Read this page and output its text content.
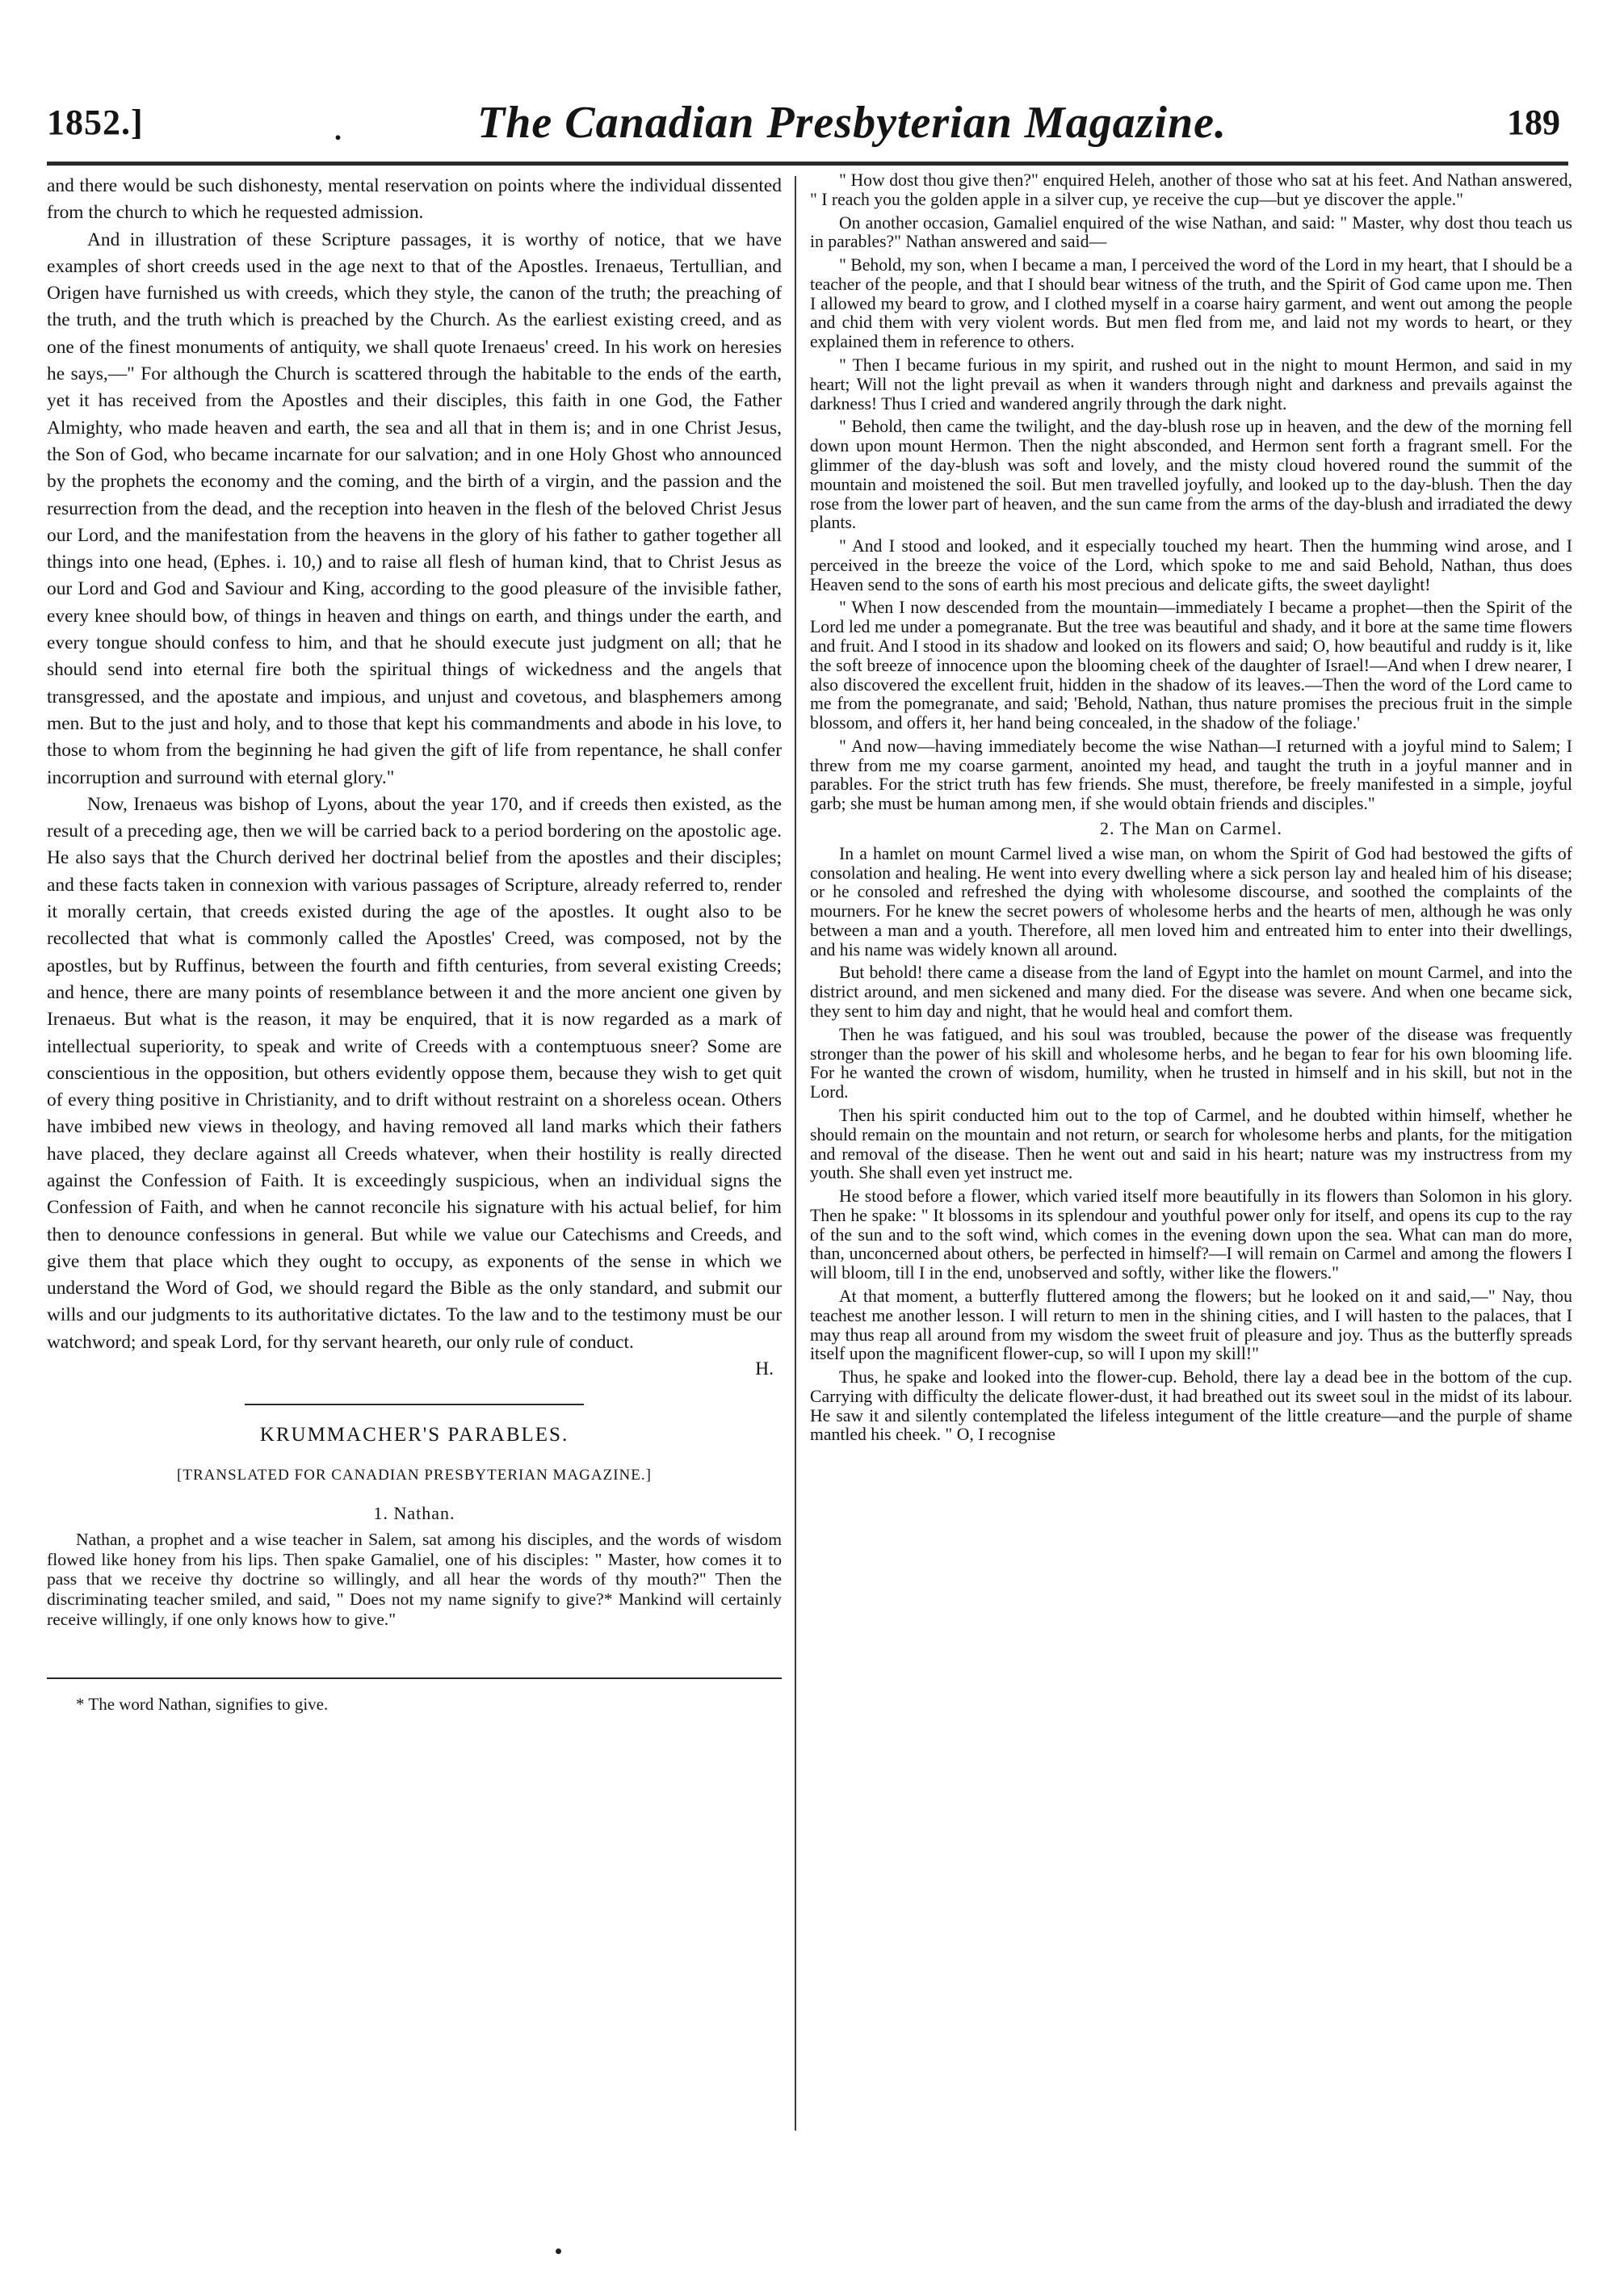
1852.]	.	The Canadian Presbyterian Magazine.	189

and there would be such dishonesty, mental reservation on points where the individual dissented from the church to which he requested admission.

And in illustration of these Scripture passages, it is worthy of notice, that we have examples of short creeds used in the age next to that of the Apostles. Irenaeus, Tertullian, and Origen have furnished us with creeds, which they style, the canon of the truth; the preaching of the truth, and the truth which is preached by the Church. As the earliest existing creed, and as one of the finest monuments of antiquity, we shall quote Irenaeus' creed. In his work on heresies he says,—" For although the Church is scattered through the habitable to the ends of the earth, yet it has received from the Apostles and their disciples, this faith in one God, the Father Almighty, who made heaven and earth, the sea and all that in them is; and in one Christ Jesus, the Son of God, who became incarnate for our salvation; and in one Holy Ghost who announced by the prophets the economy and the coming, and the birth of a virgin, and the passion and the resurrection from the dead, and the reception into heaven in the flesh of the beloved Christ Jesus our Lord, and the manifestation from the heavens in the glory of his father to gather together all things into one head, (Ephes. i. 10,) and to raise all flesh of human kind, that to Christ Jesus as our Lord and God and Saviour and King, according to the good pleasure of the invisible father, every knee should bow, of things in heaven and things on earth, and things under the earth, and every tongue should confess to him, and that he should execute just judgment on all; that he should send into eternal fire both the spiritual things of wickedness and the angels that transgressed, and the apostate and impious, and unjust and covetous, and blasphemers among men. But to the just and holy, and to those that kept his commandments and abode in his love, to those to whom from the beginning he had given the gift of life from repentance, he shall confer incorruption and surround with eternal glory."

Now, Irenaeus was bishop of Lyons, about the year 170, and if creeds then existed, as the result of a preceding age, then we will be carried back to a period bordering on the apostolic age. He also says that the Church derived her doctrinal belief from the apostles and their disciples; and these facts taken in connexion with various passages of Scripture, already referred to, render it morally certain, that creeds existed during the age of the apostles. It ought also to be recollected that what is commonly called the Apostles' Creed, was composed, not by the apostles, but by Ruffinus, between the fourth and fifth centuries, from several existing Creeds; and hence, there are many points of resemblance between it and the more ancient one given by Irenaeus. But what is the reason, it may be enquired, that it is now regarded as a mark of intellectual superiority, to speak and write of Creeds with a contemptuous sneer? Some are conscientious in the opposition, but others evidently oppose them, because they wish to get quit of every thing positive in Christianity, and to drift without restraint on a shoreless ocean. Others have imbibed new views in theology, and having removed all land marks which their fathers have placed, they declare against all Creeds whatever, when their hostility is really directed against the Confession of Faith. It is exceedingly suspicious, when an individual signs the Confession of Faith, and when he cannot reconcile his signature with his actual belief, for him then to denounce confessions in general. But while we value our Catechisms and Creeds, and give them that place which they ought to occupy, as exponents of the sense in which we understand the Word of God, we should regard the Bible as the only standard, and submit our wills and our judgments to its authoritative dictates. To the law and to the testimony must be our watchword; and speak Lord, for thy servant heareth, our only rule of conduct.

H.

KRUMMACHER'S PARABLES.
[TRANSLATED FOR CANADIAN PRESBYTERIAN MAGAZINE.]
1. Nathan.

Nathan, a prophet and a wise teacher in Salem, sat among his disciples, and the words of wisdom flowed like honey from his lips. Then spake Gamaliel, one of his disciples: " Master, how comes it to pass that we receive thy doctrine so willingly, and all hear the words of thy mouth?" Then the discriminating teacher smiled, and said, " Does not my name signify to give?* Mankind will certainly receive willingly, if one only knows how to give."

* The word Nathan, signifies to give.

" How dost thou give then?" enquired Heleh, another of those who sat at his feet. And Nathan answered, " I reach you the golden apple in a silver cup, ye receive the cup—but ye discover the apple."

On another occasion, Gamaliel enquired of the wise Nathan, and said: " Master, why dost thou teach us in parables?" Nathan answered and said—

" Behold, my son, when I became a man, I perceived the word of the Lord in my heart, that I should be a teacher of the people, and that I should bear witness of the truth, and the Spirit of God came upon me. Then I allowed my beard to grow, and I clothed myself in a coarse hairy garment, and went out among the people and chid them with very violent words. But men fled from me, and laid not my words to heart, or they explained them in reference to others.

" Then I became furious in my spirit, and rushed out in the night to mount Hermon, and said in my heart; Will not the light prevail as when it wanders through night and darkness and prevails against the darkness! Thus I cried and wandered angrily through the dark night.

" Behold, then came the twilight, and the day-blush rose up in heaven, and the dew of the morning fell down upon mount Hermon. Then the night absconded, and Hermon sent forth a fragrant smell. For the glimmer of the day-blush was soft and lovely, and the misty cloud hovered round the summit of the mountain and moistened the soil. But men travelled joyfully, and looked up to the day-blush. Then the day rose from the lower part of heaven, and the sun came from the arms of the day-blush and irradiated the dewy plants.

" And I stood and looked, and it especially touched my heart. Then the humming wind arose, and I perceived in the breeze the voice of the Lord, which spoke to me and said Behold, Nathan, thus does Heaven send to the sons of earth his most precious and delicate gifts, the sweet daylight!

" When I now descended from the mountain—immediately I became a prophet—then the Spirit of the Lord led me under a pomegranate. But the tree was beautiful and shady, and it bore at the same time flowers and fruit. And I stood in its shadow and looked on its flowers and said; O, how beautiful and ruddy is it, like the soft breeze of innocence upon the blooming cheek of the daughter of Israel!—And when I drew nearer, I also discovered the excellent fruit, hidden in the shadow of its leaves.—Then the word of the Lord came to me from the pomegranate, and said; 'Behold, Nathan, thus nature promises the precious fruit in the simple blossom, and offers it, her hand being concealed, in the shadow of the foliage.'

" And now—having immediately become the wise Nathan—I returned with a joyful mind to Salem; I threw from me my coarse garment, anointed my head, and taught the truth in a joyful manner and in parables. For the strict truth has few friends. She must, therefore, be freely manifested in a simple, joyful garb; she must be human among men, if she would obtain friends and disciples."

2. The Man on Carmel.

In a hamlet on mount Carmel lived a wise man, on whom the Spirit of God had bestowed the gifts of consolation and healing. He went into every dwelling where a sick person lay and healed him of his disease; or he consoled and refreshed the dying with wholesome discourse, and soothed the complaints of the mourners. For he knew the secret powers of wholesome herbs and the hearts of men, although he was only between a man and a youth. Therefore, all men loved him and entreated him to enter into their dwellings, and his name was widely known all around.

But behold! there came a disease from the land of Egypt into the hamlet on mount Carmel, and into the district around, and men sickened and many died. For the disease was severe. And when one became sick, they sent to him day and night, that he would heal and comfort them.

Then he was fatigued, and his soul was troubled, because the power of the disease was frequently stronger than the power of his skill and wholesome herbs, and he began to fear for his own blooming life. For he wanted the crown of wisdom, humility, when he trusted in himself and in his skill, but not in the Lord.

Then his spirit conducted him out to the top of Carmel, and he doubted within himself, whether he should remain on the mountain and not return, or search for wholesome herbs and plants, for the mitigation and removal of the disease. Then he went out and said in his heart; nature was my instructress from my youth. She shall even yet instruct me.

He stood before a flower, which varied itself more beautifully in its flowers than Solomon in his glory. Then he spake: " It blossoms in its splendour and youthful power only for itself, and opens its cup to the ray of the sun and to the soft wind, which comes in the evening down upon the sea. What can man do more, than, unconcerned about others, be perfected in himself?—I will remain on Carmel and among the flowers I will bloom, till I in the end, unobserved and softly, wither like the flowers."

At that moment, a butterfly fluttered among the flowers; but he looked on it and said,—" Nay, thou teachest me another lesson. I will return to men in the shining cities, and I will hasten to the palaces, that I may thus reap all around from my wisdom the sweet fruit of pleasure and joy. Thus as the butterfly spreads itself upon the magnificent flower-cup, so will I upon my skill!"

Thus, he spake and looked into the flower-cup. Behold, there lay a dead bee in the bottom of the cup. Carrying with difficulty the delicate flower-dust, it had breathed out its sweet soul in the midst of its labour. He saw it and silently contemplated the lifeless integument of the little creature—and the purple of shame mantled his cheek. " O, I recognise
